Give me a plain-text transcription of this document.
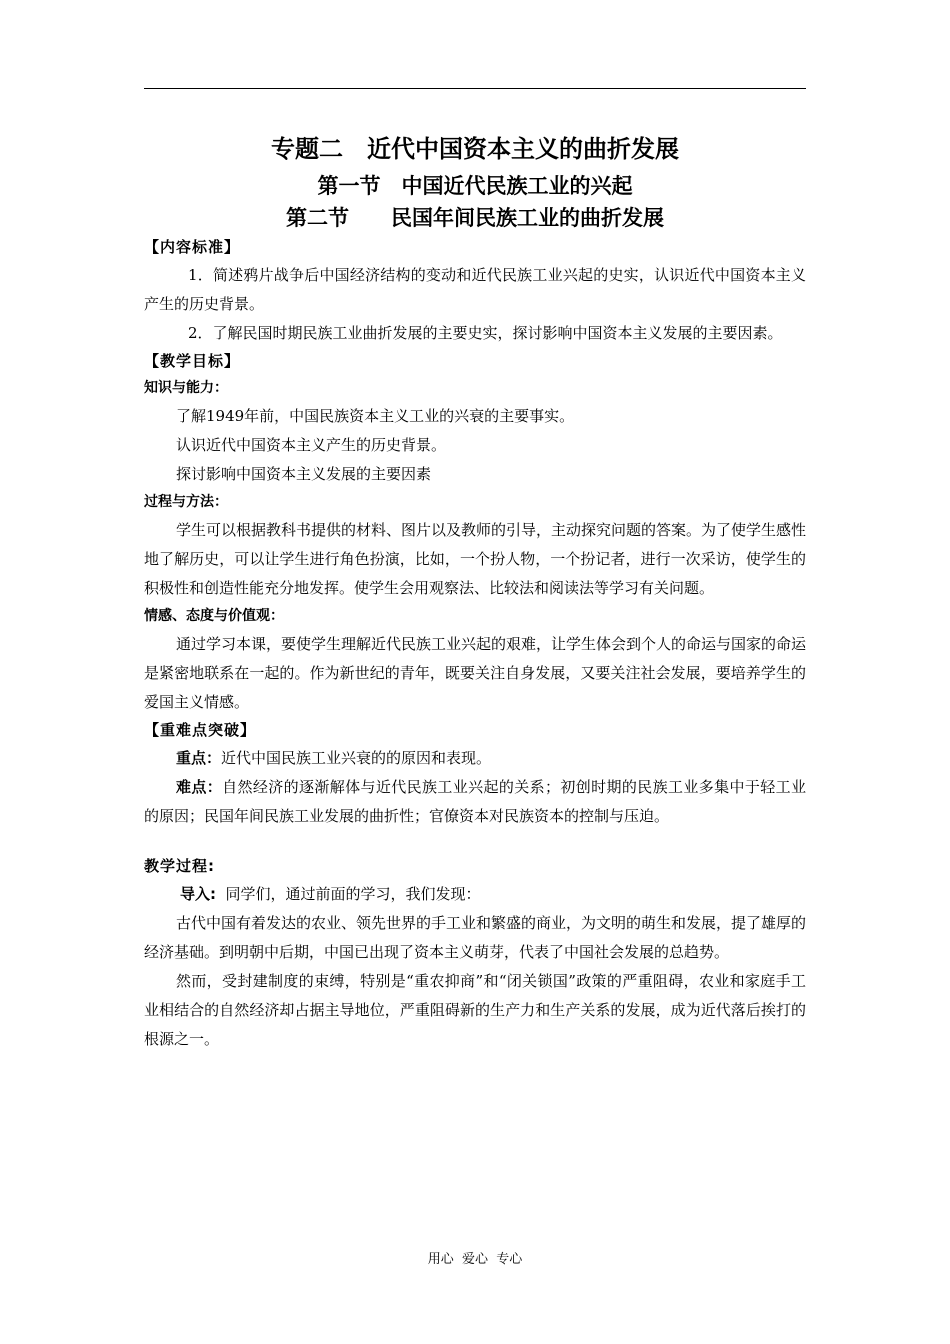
专题二　近代中国资本主义的曲折发展
第一节　中国近代民族工业的兴起
第二节　　民国年间民族工业的曲折发展
【内容标准】

1．简述鸦片战争后中国经济结构的变动和近代民族工业兴起的史实，认识近代中国资本主义产生的历史背景。

2．了解民国时期民族工业曲折发展的主要史实，探讨影响中国资本主义发展的主要因素。

【教学目标】
知识与能力：

了解1949年前，中国民族资本主义工业的兴衰的主要事实。

认识近代中国资本主义产生的历史背景。

探讨影响中国资本主义发展的主要因素

过程与方法：

学生可以根据教科书提供的材料、图片以及教师的引导，主动探究问题的答案。为了使学生感性地了解历史，可以让学生进行角色扮演，比如，一个扮人物，一个扮记者，进行一次采访，使学生的积极性和创造性能充分地发挥。使学生会用观察法、比较法和阅读法等学习有关问题。

情感、态度与价值观：

通过学习本课，要使学生理解近代民族工业兴起的艰难，让学生体会到个人的命运与国家的命运是紧密地联系在一起的。作为新世纪的青年，既要关注自身发展，又要关注社会发展，要培养学生的爱国主义情感。

【重难点突破】

重点：近代中国民族工业兴衰的的原因和表现。

难点：自然经济的逐渐解体与近代民族工业兴起的关系；初创时期的民族工业多集中于轻工业的原因；民国年间民族工业发展的曲折性；官僚资本对民族资本的控制与压迫。

教学过程:

导入: 同学们，通过前面的学习，我们发现：

古代中国有着发达的农业、领先世界的手工业和繁盛的商业，为文明的萌生和发展，提了雄厚的经济基础。到明朝中后期，中国已出现了资本主义萌芽，代表了中国社会发展的总趋势。

然而，受封建制度的束缚，特别是“重农抑商”和“闭关锁国”政策的严重阻碍，农业和家庭手工业相结合的自然经济却占据主导地位，严重阻碍新的生产力和生产关系的发展，成为近代落后挨打的根源之一。

用心  爱心  专心
